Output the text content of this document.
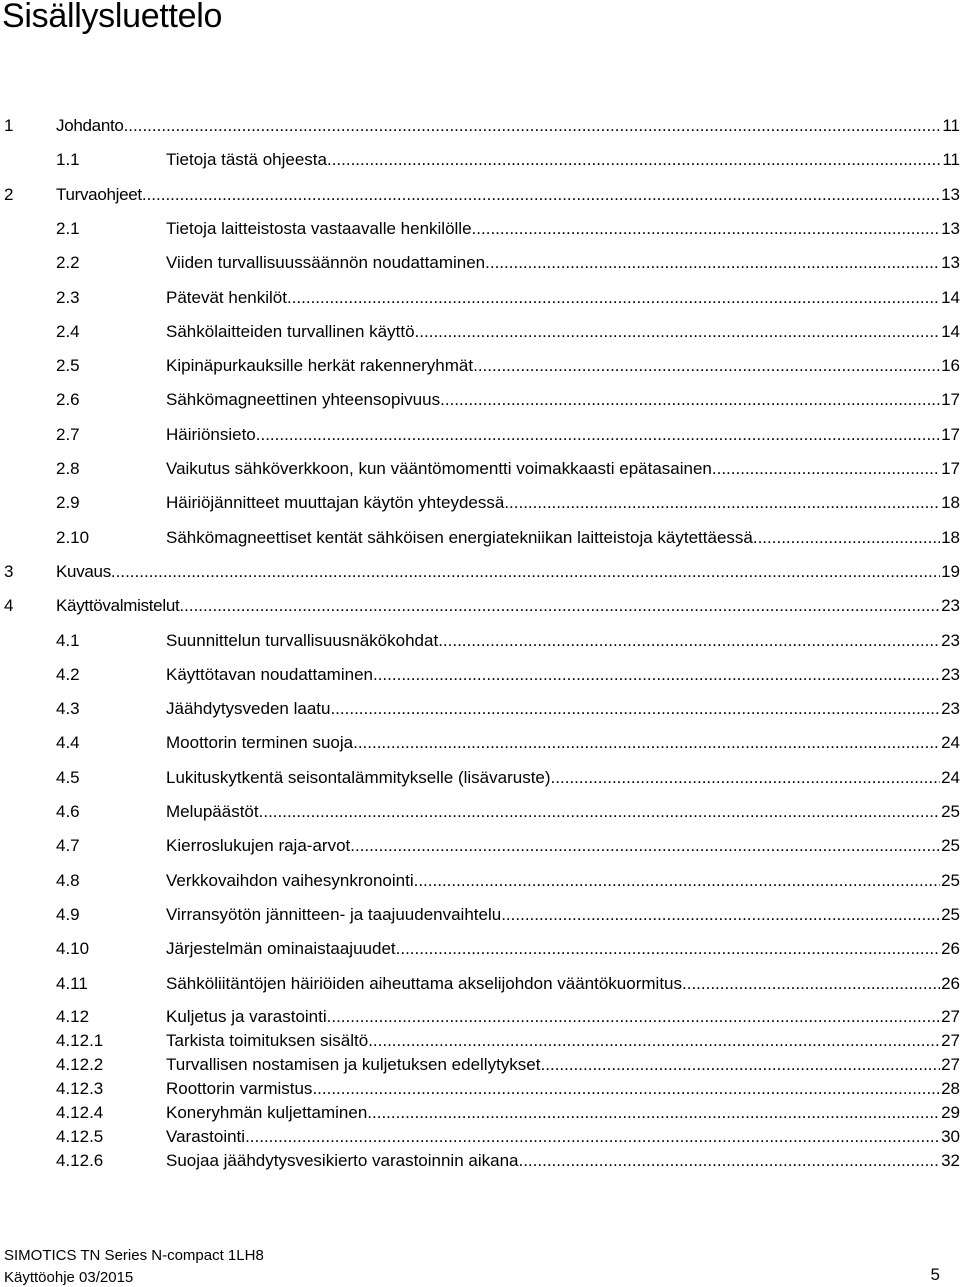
Sisällysluettelo
1	Johdanto .....	11
1.1	Tietoja tästä ohjeesta .....	11
2	Turvaohjeet .....	13
2.1	Tietoja laitteistosta vastaavalle henkilölle .....	13
2.2	Viiden turvallisuussäännön noudattaminen .....	13
2.3	Pätevät henkilöt .....	14
2.4	Sähkölaitteiden turvallinen käyttö .....	14
2.5	Kipinäpurkauksille herkät rakenneryhmät .....	16
2.6	Sähkömagneettinen yhteensopivuus .....	17
2.7	Häiriönsieto .....	17
2.8	Vaikutus sähköverkkoon, kun vääntömomentti voimakkaasti epätasainen .....	17
2.9	Häiriöjännitteet muuttajan käytön yhteydessä .....	18
2.10	Sähkömagneettiset kentät sähköisen energiatekniikan laitteistoja käytettäessä .....	18
3	Kuvaus .....	19
4	Käyttövalmistelut .....	23
4.1	Suunnittelun turvallisuusnäkökohdat .....	23
4.2	Käyttötavan noudattaminen .....	23
4.3	Jäähdytysveden laatu .....	23
4.4	Moottorin terminen suoja .....	24
4.5	Lukituskytkentä seisontalämmitykselle (lisävaruste) .....	24
4.6	Melupäästöt .....	25
4.7	Kierroslukujen raja-arvot .....	25
4.8	Verkkovaihdon vaihesynkronointi .....	25
4.9	Virransyötön jännitteen- ja taajuudenvaihtelu .....	25
4.10	Järjestelmän ominaistaajuudet .....	26
4.11	Sähköliitäntöjen häiriöiden aiheuttama akselijohdon vääntökuormitus .....	26
4.12	Kuljetus ja varastointi .....	27
4.12.1	Tarkista toimituksen sisältö .....	27
4.12.2	Turvallisen nostamisen ja kuljetuksen edellytykset .....	27
4.12.3	Roottorin varmistus .....	28
4.12.4	Koneryhmän kuljettaminen .....	29
4.12.5	Varastointi .....	30
4.12.6	Suojaa jäähdytysvesikierto varastoinnin aikana .....	32
SIMOTICS TN Series N-compact 1LH8
Käyttöohje 03/2015	5
